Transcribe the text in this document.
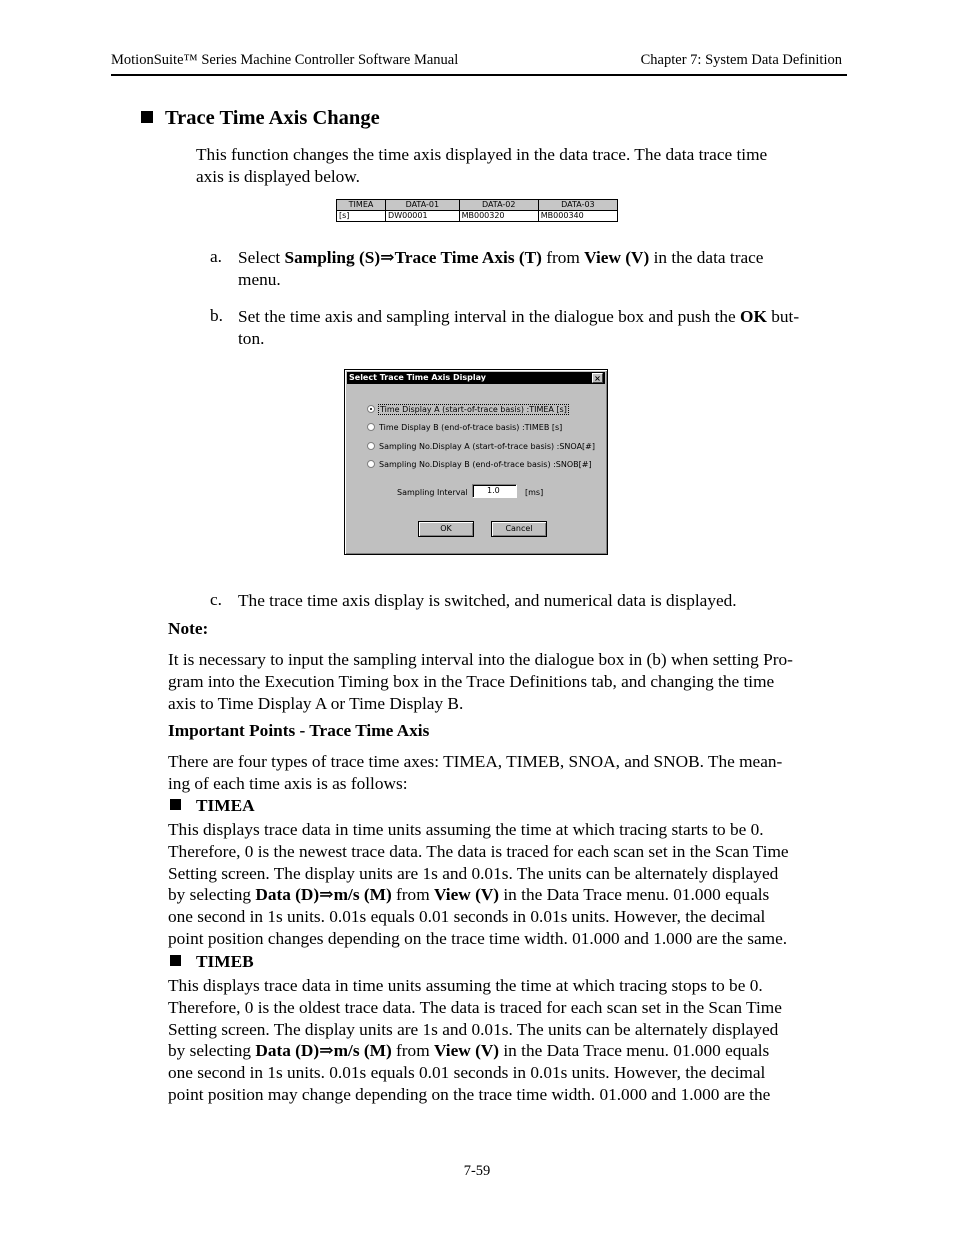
MotionSuite™ Series Machine Controller Software Manual	Chapter 7: System Data Definition
Trace Time Axis Change
This function changes the time axis displayed in the data trace. The data trace time
axis is displayed below.
TIMEA	DATA-01	DATA-02	DATA-03
[s]	DW00001	MB000320	MB000340
a. Select Sampling (S)⇒Trace Time Axis (T) from View (V) in the data trace
menu.
b. Set the time axis and sampling interval in the dialogue box and push the OK but-
ton.
Select Trace Time Axis Display	×
Time Display A (start-of-trace basis) :TIMEA [s]
Time Display B (end-of-trace basis) :TIMEB [s]
Sampling No.Display A (start-of-trace basis) :SNOA[#]
Sampling No.Display B (end-of-trace basis) :SNOB[#]
Sampling Interval	1.0	[ms]
OK	Cancel
c. The trace time axis display is switched, and numerical data is displayed.
Note:
It is necessary to input the sampling interval into the dialogue box in (b) when setting Pro-
gram into the Execution Timing box in the Trace Definitions tab, and changing the time
axis to Time Display A or Time Display B.
Important Points - Trace Time Axis
There are four types of trace time axes: TIMEA, TIMEB, SNOA, and SNOB. The mean-
ing of each time axis is as follows:
TIMEA
This displays trace data in time units assuming the time at which tracing starts to be 0.
Therefore, 0 is the newest trace data. The data is traced for each scan set in the Scan Time
Setting screen. The display units are 1s and 0.01s. The units can be alternately displayed
by selecting Data (D)⇒m/s (M) from View (V) in the Data Trace menu. 01.000 equals
one second in 1s units. 0.01s equals 0.01 seconds in 0.01s units. However, the decimal
point position changes depending on the trace time width. 01.000 and 1.000 are the same.
TIMEB
This displays trace data in time units assuming the time at which tracing stops to be 0.
Therefore, 0 is the oldest trace data. The data is traced for each scan set in the Scan Time
Setting screen. The display units are 1s and 0.01s. The units can be alternately displayed
by selecting Data (D)⇒m/s (M) from View (V) in the Data Trace menu. 01.000 equals
one second in 1s units. 0.01s equals 0.01 seconds in 0.01s units. However, the decimal
point position may change depending on the trace time width. 01.000 and 1.000 are the
7-59
